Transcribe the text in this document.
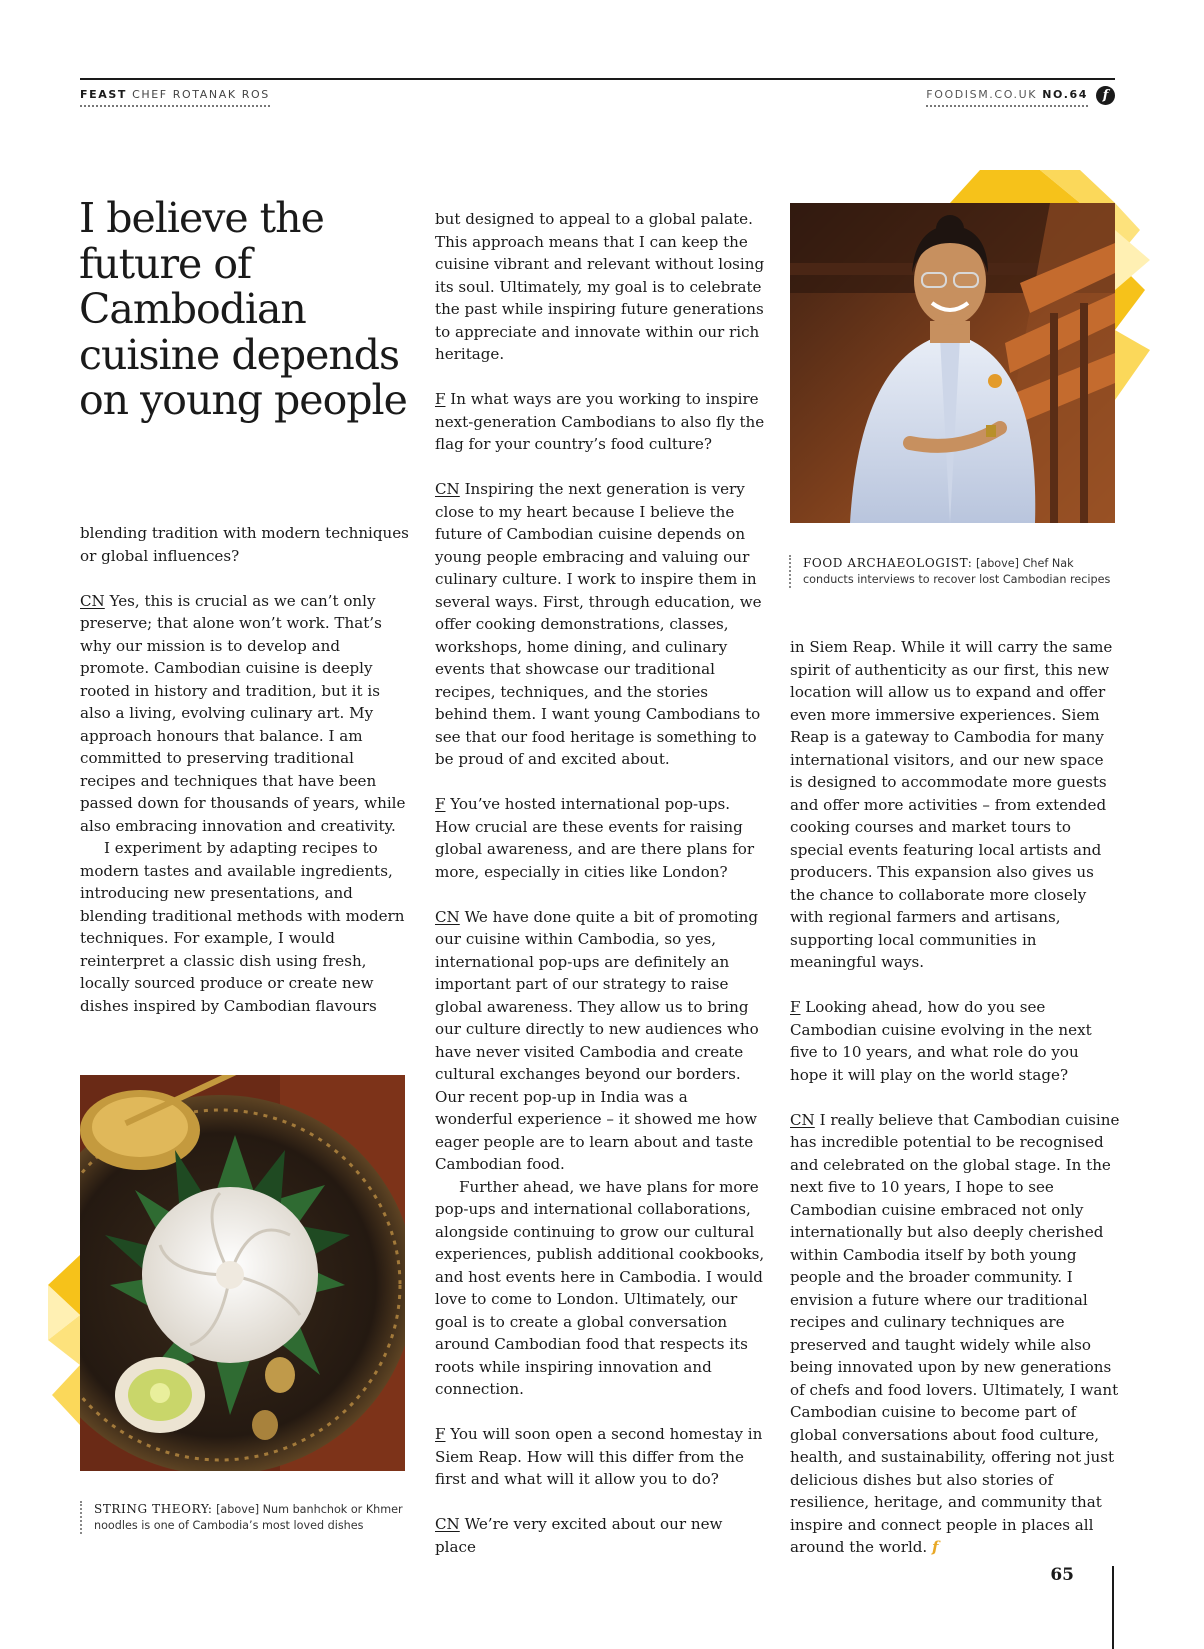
FEAST CHEF ROTANAK ROS	FOODISM.CO.UK NO.64	f
I believe the future of Cambodian cuisine depends on young people

blending tradition with modern techniques or global influences?

CN Yes, this is crucial as we can’t only preserve; that alone won’t work. That’s why our mission is to develop and promote. Cambodian cuisine is deeply rooted in history and tradition, but it is also a living, evolving culinary art. My approach honours that balance. I am committed to preserving traditional recipes and techniques that have been passed down for thousands of years, while also embracing innovation and creativity.

I experiment by adapting recipes to modern tastes and available ingredients, introducing new presentations, and blending traditional methods with modern techniques. For example, I would reinterpret a classic dish using fresh, locally sourced produce or create new dishes inspired by Cambodian flavours

but designed to appeal to a global palate. This approach means that I can keep the cuisine vibrant and relevant without losing its soul. Ultimately, my goal is to celebrate the past while inspiring future generations to appreciate and innovate within our rich heritage.

F In what ways are you working to inspire next-generation Cambodians to also fly the flag for your country’s food culture?

CN Inspiring the next generation is very close to my heart because I believe the future of Cambodian cuisine depends on young people embracing and valuing our culinary culture. I work to inspire them in several ways. First, through education, we offer cooking demonstrations, classes, workshops, home dining, and culinary events that showcase our traditional recipes, techniques, and the stories behind them. I want young Cambodians to see that our food heritage is something to be proud of and excited about.

F You’ve hosted international pop-ups. How crucial are these events for raising global awareness, and are there plans for more, especially in cities like London?

CN We have done quite a bit of promoting our cuisine within Cambodia, so yes, international pop-ups are definitely an important part of our strategy to raise global awareness. They allow us to bring our culture directly to new audiences who have never visited Cambodia and create cultural exchanges beyond our borders. Our recent pop-up in India was a wonderful experience – it showed me how eager people are to learn about and taste Cambodian food.

Further ahead, we have plans for more pop-ups and international collaborations, alongside continuing to grow our cultural experiences, publish additional cookbooks, and host events here in Cambodia. I would love to come to London. Ultimately, our goal is to create a global conversation around Cambodian food that respects its roots while inspiring innovation and connection.

F You will soon open a second homestay in Siem Reap. How will this differ from the first and what will it allow you to do?

CN We’re very excited about our new place

in Siem Reap. While it will carry the same spirit of authenticity as our first, this new location will allow us to expand and offer even more immersive experiences. Siem Reap is a gateway to Cambodia for many international visitors, and our new space is designed to accommodate more guests and offer more activities – from extended cooking courses and market tours to special events featuring local artists and producers. This expansion also gives us the chance to collaborate more closely with regional farmers and artisans, supporting local communities in meaningful ways.

F Looking ahead, how do you see Cambodian cuisine evolving in the next five to 10 years, and what role do you hope it will play on the world stage?

CN I really believe that Cambodian cuisine has incredible potential to be recognised and celebrated on the global stage. In the next five to 10 years, I hope to see Cambodian cuisine embraced not only internationally but also deeply cherished within Cambodia itself by both young people and the broader community. I envision a future where our traditional recipes and culinary techniques are preserved and taught widely while also being innovated upon by new generations of chefs and food lovers. Ultimately, I want Cambodian cuisine to become part of global conversations about food culture, health, and sustainability, offering not just delicious dishes but also stories of resilience, heritage, and community that inspire and connect people in places all around the world. f

FOOD ARCHAEOLOGIST: [above] Chef Nak conducts interviews to recover lost Cambodian recipes
STRING THEORY: [above] Num banhchok or Khmer noodles is one of Cambodia’s most loved dishes
65
